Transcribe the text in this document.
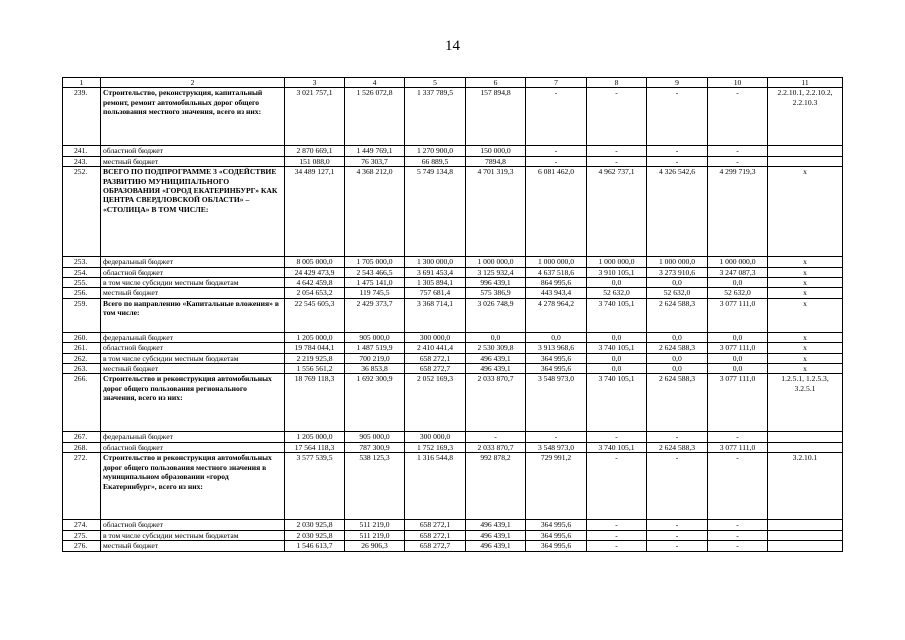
14
1	2	3	4	5	6	7	8	9	10	11
239.	Строительство, реконструкция, капитальный ремонт, ремонт автомобильных дорог общего пользования местного значения, всего из них:	3 021 757,1	1 526 072,8	1 337 789,5	157 894,8	-	-	-	-	2.2.10.1, 2.2.10.2, 2.2.10.3
241.	областной бюджет	2 870 669,1	1 449 769,1	1 270 900,0	150 000,0	-	-	-	-	
243.	местный бюджет	151 088,0	76 303,7	66 889,5	7894,8	-	-	-	-	
252.	ВСЕГО ПО ПОДПРОГРАММЕ 3 «СОДЕЙСТВИЕ РАЗВИТИЮ МУНИЦИПАЛЬНОГО ОБРАЗОВАНИЯ «ГОРОД ЕКАТЕРИНБУРГ» КАК ЦЕНТРА СВЕРДЛОВСКОЙ ОБЛАСТИ» – «СТОЛИЦА» В ТОМ ЧИСЛЕ:	34 489 127,1	4 368 212,0	5 749 134,8	4 701 319,3	6 081 462,0	4 962 737,1	4 326 542,6	4 299 719,3	x
253.	федеральный бюджет	8 005 000,0	1 705 000,0	1 300 000,0	1 000 000,0	1 000 000,0	1 000 000,0	1 000 000,0	1 000 000,0	x
254.	областной бюджет	24 429 473,9	2 543 466,5	3 691 453,4	3 125 932,4	4 637 518,6	3 910 105,1	3 273 910,6	3 247 087,3	x
255.	в том числе субсидии местным бюджетам	4 642 459,8	1 475 141,0	1 305 894,1	996 439,1	864 995,6	0,0	0,0	0,0	x
256.	местный бюджет	2 054 653,2	119 745,5	757 681,4	575 386,9	443 943,4	52 632,0	52 632,0	52 632,0	x
259.	Всего по направлению «Капитальные вложения» в том числе:	22 545 605,3	2 429 373,7	3 368 714,1	3 026 748,9	4 278 964,2	3 740 105,1	2 624 588,3	3 077 111,0	x
260.	федеральный бюджет	1 205 000,0	905 000,0	300 000,0	0,0	0,0	0,0	0,0	0,0	x
261.	областной бюджет	19 784 044,1	1 487 519,9	2 410 441,4	2 530 309,8	3 913 968,6	3 740 105,1	2 624 588,3	3 077 111,0	x
262.	в том числе субсидии местным бюджетам	2 219 925,8	700 219,0	658 272,1	496 439,1	364 995,6	0,0	0,0	0,0	x
263.	местный бюджет	1 556 561,2	36 853,8	658 272,7	496 439,1	364 995,6	0,0	0,0	0,0	x
266.	Строительство и реконструкция автомобильных дорог общего пользования регионального значения, всего из них:	18 769 118,3	1 692 300,9	2 052 169,3	2 033 870,7	3 548 973,0	3 740 105,1	2 624 588,3	3 077 111,0	1.2.5.1, 1.2.5.3, 3.2.5.1
267.	федеральный бюджет	1 205 000,0	905 000,0	300 000,0	-	-	-	-	-	
268.	областной бюджет	17 564 118,3	787 300,9	1 752 169,3	2 033 870,7	3 548 973,0	3 740 105,1	2 624 588,3	3 077 111,0	
272.	Строительство и реконструкция автомобильных дорог общего пользования местного значения в муниципальном образовании «город Екатеринбург», всего из них:	3 577 539,5	538 125,3	1 316 544,8	992 878,2	729 991,2	-	-	-	3.2.10.1
274.	областной бюджет	2 030 925,8	511 219,0	658 272,1	496 439,1	364 995,6	-	-	-	
275.	в том числе субсидии местным бюджетам	2 030 925,8	511 219,0	658 272,1	496 439,1	364 995,6	-	-	-	
276.	местный бюджет	1 546 613,7	26 906,3	658 272,7	496 439,1	364 995,6	-	-	-	
